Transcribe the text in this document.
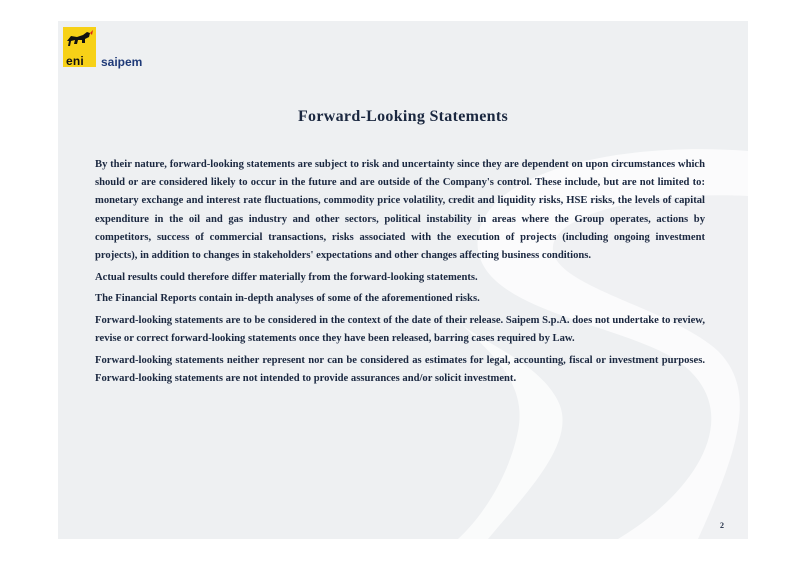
eni saipem
Forward-Looking Statements

By their nature, forward-looking statements are subject to risk and uncertainty since they are dependent on upon circumstances which should or are considered likely to occur in the future and are outside of the Company's control. These include, but are not limited to: monetary exchange and interest rate fluctuations, commodity price volatility, credit and liquidity risks, HSE risks, the levels of capital expenditure in the oil and gas industry and other sectors, political instability in areas where the Group operates, actions by competitors, success of commercial transactions, risks associated with the execution of projects (including ongoing investment projects), in addition to changes in stakeholders' expectations and other changes affecting business conditions.

Actual results could therefore differ materially from the forward-looking statements.

The Financial Reports contain in-depth analyses of some of the aforementioned risks.

Forward-looking statements are to be considered in the context of the date of their release. Saipem S.p.A. does not undertake to review, revise or correct forward-looking statements once they have been released, barring cases required by Law.

Forward-looking statements neither represent nor can be considered as estimates for legal, accounting, fiscal or investment purposes. Forward-looking statements are not intended to provide assurances and/or solicit investment.

2
